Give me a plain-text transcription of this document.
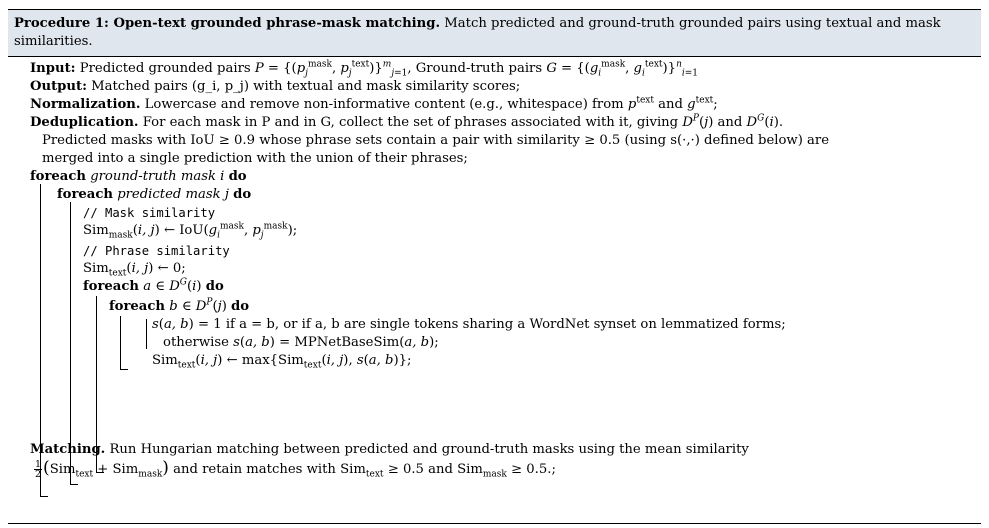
Procedure 1: Open-text grounded phrase-mask matching. Match predicted and ground-truth grounded pairs using textual and mask similarities.
Input: Predicted grounded pairs $P = \{(p_j^{mask}$, $p_j^{text})\}^m_{j=1}$, Ground-truth pairs $G = \{(g_i^{mask}$, $g_i^{text})\}^n_{i=1}$
Output: Matched pairs (g_i, p_j) with textual and mask similarity scores;
Normalization. Lowercase and remove non-informative content (e.g., whitespace) from $p^{text}$ and $g^{text}$;
Deduplication. For each mask in P and in G, collect the set of phrases associated with it, giving $D^P(j)$ and $D^G(i)$.
Predicted masks with IoU ≥ 0.9 whose phrase sets contain a pair with similarity ≥ 0.5 (using s(·,·) defined below) are
merged into a single prediction with the union of their phrases;
foreach ground-truth mask i do
foreach predicted mask j do
// Mask similarity
Sim$_{mask}$(i, j) ← $IoU(g_i^{mask}$, $p_j^{mask}$);
// Phrase similarity
Sim$_{text}$(i, j) ← 0;
foreach a ∈ $D^G(i)$ do
foreach b ∈ $D^P(j)$ do
s(a, b) = 1 if a = b, or if a, b are single tokens sharing a WordNet synset on lemmatized forms;
otherwise s(a, b) = MPNetBaseSim(a, b);
Sim$_{text}$(i, j) ← max{Sim$_{text}$(i, j), s(a, b)};
Matching. Run Hungarian matching between predicted and ground-truth masks using the mean similarity
$\frac{1}{2} (Sim_{text} + Sim_{mask})$ and retain matches with Sim$_{text}$ ≥ 0.5 and Sim$_{mask}$ ≥ 0.5.;
